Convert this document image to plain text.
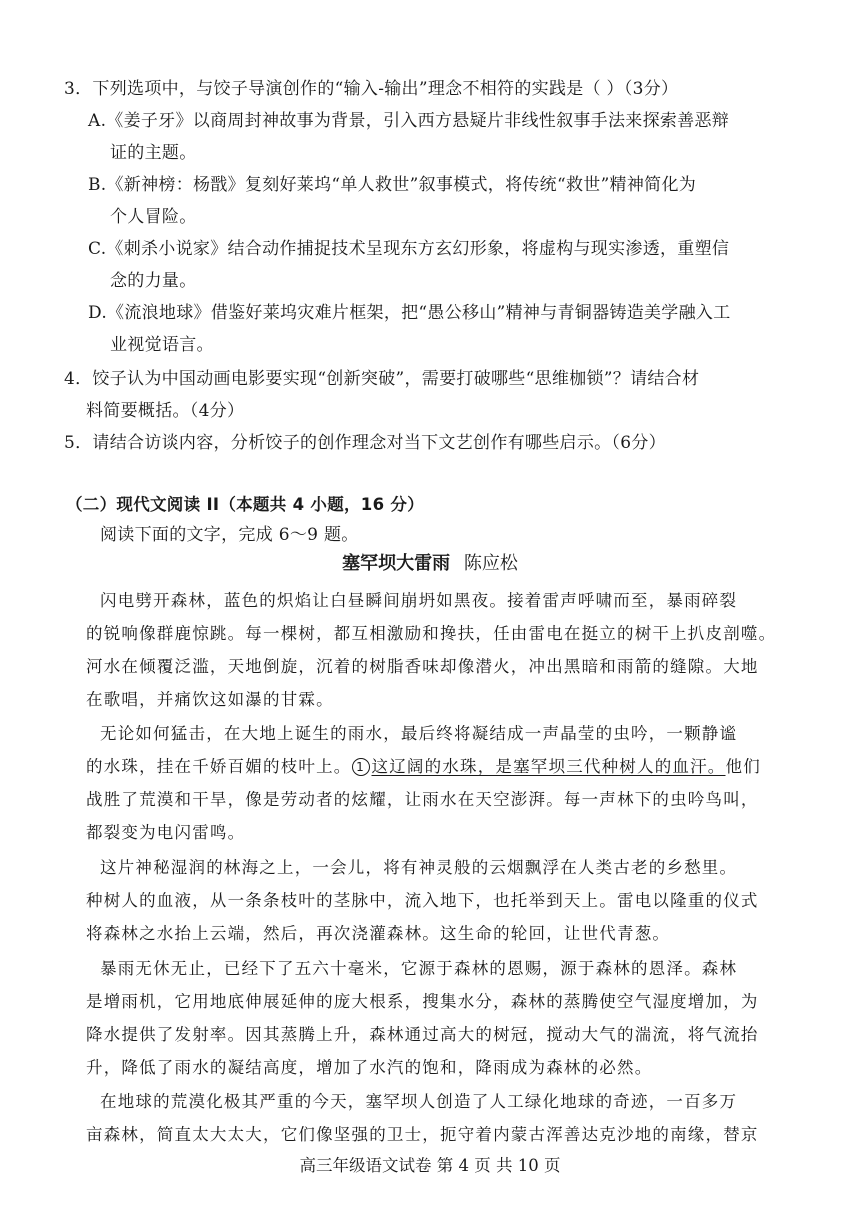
3．下列选项中，与饺子导演创作的“输入-输出”理念不相符的实践是（ ）（3分）
A.《姜子牙》以商周封神故事为背景，引入西方悬疑片非线性叙事手法来探索善恶辩
证的主题。
B.《新神榜：杨戬》复刻好莱坞“单人救世”叙事模式，将传统“救世”精神简化为
个人冒险。
C.《刺杀小说家》结合动作捕捉技术呈现东方玄幻形象，将虚构与现实渗透，重塑信
念的力量。
D.《流浪地球》借鉴好莱坞灾难片框架，把“愚公移山”精神与青铜器铸造美学融入工
业视觉语言。
4．饺子认为中国动画电影要实现“创新突破”，需要打破哪些“思维枷锁”？请结合材
料简要概括。（4分）
5．请结合访谈内容，分析饺子的创作理念对当下文艺创作有哪些启示。（6分）
（二）现代文阅读 II（本题共 4 小题，16 分）
阅读下面的文字，完成 6～9 题。
塞罕坝大雷雨 陈应松
闪电劈开森林，蓝色的炽焰让白昼瞬间崩坍如黑夜。接着雷声呼啸而至，暴雨碎裂
的锐响像群鹿惊跳。每一棵树，都互相激励和搀扶，任由雷电在挺立的树干上扒皮剖噬。
河水在倾覆泛滥，天地倒旋，沉着的树脂香味却像潜火，冲出黑暗和雨箭的缝隙。大地
在歌唱，并痛饮这如瀑的甘霖。
无论如何猛击，在大地上诞生的雨水，最后终将凝结成一声晶莹的虫吟，一颗静谧
的水珠，挂在千娇百媚的枝叶上。 1 这辽阔的水珠，是塞罕坝三代种树人的血汗。他们
战胜了荒漠和干旱，像是劳动者的炫耀，让雨水在天空澎湃。每一声林下的虫吟鸟叫，
都裂变为电闪雷鸣。
这片神秘湿润的林海之上，一会儿，将有神灵般的云烟飘浮在人类古老的乡愁里。
种树人的血液，从一条条枝叶的茎脉中，流入地下，也托举到天上。雷电以隆重的仪式
将森林之水抬上云端，然后，再次浇灌森林。这生命的轮回，让世代青葱。
暴雨无休无止，已经下了五六十毫米，它源于森林的恩赐，源于森林的恩泽。森林
是增雨机，它用地底伸展延伸的庞大根系，搜集水分，森林的蒸腾使空气湿度增加，为
降水提供了发射率。因其蒸腾上升，森林通过高大的树冠，搅动大气的湍流，将气流抬
升，降低了雨水的凝结高度，增加了水汽的饱和，降雨成为森林的必然。
在地球的荒漠化极其严重的今天，塞罕坝人创造了人工绿化地球的奇迹，一百多万
亩森林，简直太大太大，它们像坚强的卫士，扼守着内蒙古浑善达克沙地的南缘，替京
高三年级语文试卷 第 4 页 共 10 页
